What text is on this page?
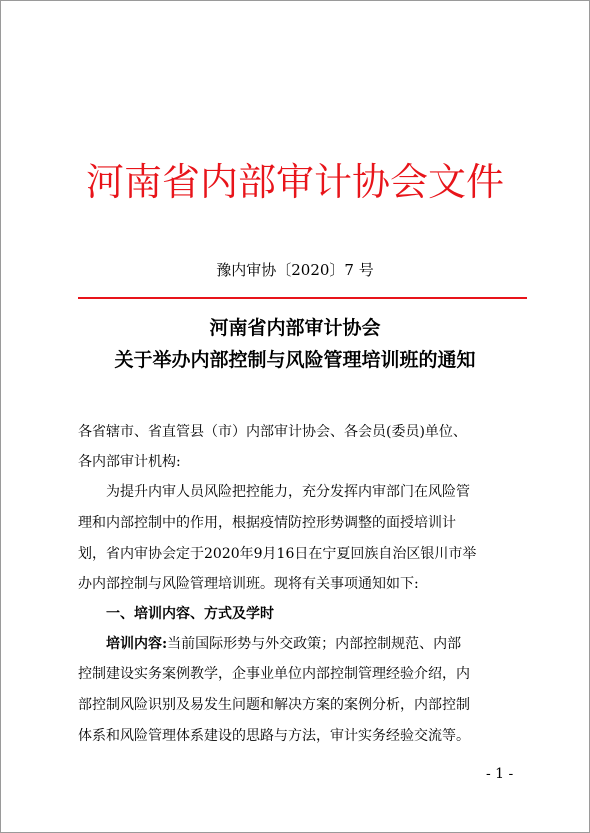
河南省内部审计协会文件
豫内审协〔2020〕7 号
河南省内部审计协会
关于举办内部控制与风险管理培训班的通知
各省辖市、省直管县（市）内部审计协会、各会员(委员)单位、
各内部审计机构:
为提升内审人员风险把控能力，充分发挥内审部门在风险管
理和内部控制中的作用，根据疫情防控形势调整的面授培训计
划，省内审协会定于2020年9月16日在宁夏回族自治区银川市举
办内部控制与风险管理培训班。现将有关事项通知如下:
一、培训内容、方式及学时
培训内容:当前国际形势与外交政策；内部控制规范、内部
控制建设实务案例教学，企事业单位内部控制管理经验介绍，内
部控制风险识别及易发生问题和解决方案的案例分析，内部控制
体系和风险管理体系建设的思路与方法，审计实务经验交流等。
- 1 -
